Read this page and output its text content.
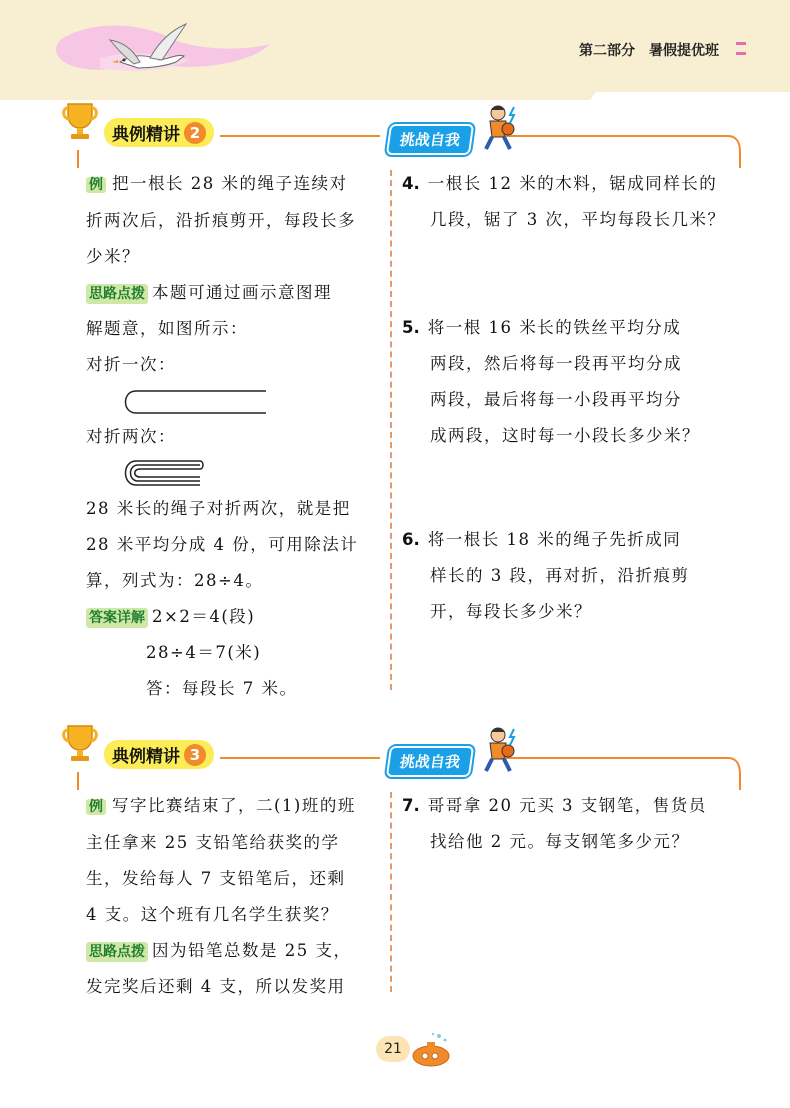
第二部分 暑假提优班
典例精讲 2	挑战自我

例 把一根长 28 米的绳子连续对

折两次后，沿折痕剪开，每段长多

少米？

思路点拨 本题可通过画示意图理

解题意，如图所示：

对折一次：

对折两次：

28 米长的绳子对折两次，就是把

28 米平均分成 4 份，可用除法计

算，列式为：28÷4。

答案详解 2×2＝4(段)

28÷4＝7(米)

答：每段长 7 米。

4. 一根长 12 米的木料，锯成同样长的

几段，锯了 3 次，平均每段长几米？

5. 将一根 16 米长的铁丝平均分成

两段，然后将每一段再平均分成

两段，最后将每一小段再平均分

成两段，这时每一小段长多少米？

6. 将一根长 18 米的绳子先折成同

样长的 3 段，再对折，沿折痕剪

开，每段长多少米？

典例精讲 3	挑战自我

例 写字比赛结束了，二(1)班的班

主任拿来 25 支铅笔给获奖的学

生，发给每人 7 支铅笔后，还剩

4 支。这个班有几名学生获奖？

思路点拨 因为铅笔总数是 25 支，

发完奖后还剩 4 支，所以发奖用

7. 哥哥拿 20 元买 3 支钢笔，售货员

找给他 2 元。每支钢笔多少元？

21
